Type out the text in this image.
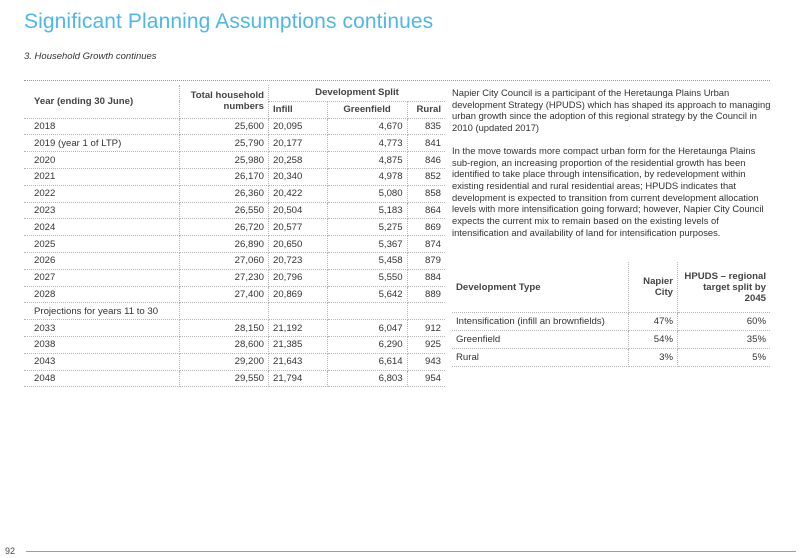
Significant Planning Assumptions continues
3. Household Growth continues
Year (ending 30 June)	Total household numbers	Development Split		
		Infill	Greenfield	Rural
2018	25,600	20,095	4,670	835
2019 (year 1 of LTP)	25,790	20,177	4,773	841
2020	25,980	20,258	4,875	846
2021	26,170	20,340	4,978	852
2022	26,360	20,422	5,080	858
2023	26,550	20,504	5,183	864
2024	26,720	20,577	5,275	869
2025	26,890	20,650	5,367	874
2026	27,060	20,723	5,458	879
2027	27,230	20,796	5,550	884
2028	27,400	20,869	5,642	889
Projections for years 11 to 30				
2033	28,150	21,192	6,047	912
2038	28,600	21,385	6,290	925
2043	29,200	21,643	6,614	943
2048	29,550	21,794	6,803	954

Napier City Council is a participant of the Heretaunga Plains Urban development Strategy (HPUDS) which has shaped its approach to managing urban growth since the adoption of this regional strategy by the Council in 2010 (updated 2017)

In the move towards more compact urban form for the Heretaunga Plains sub-region, an increasing proportion of the residential growth has been identified to take place through intensification, by redevelopment within existing residential and rural residential areas; HPUDS indicates that development is expected to transition from current development allocation levels with more intensification going forward; however, Napier City Council expects the current mix to remain based on the existing levels of intensification and availability of land for intensification purposes.

Development Type	Napier City	HPUDS – regional target split by 2045
Intensification (infill an brownfields)	47%	60%
Greenfield	54%	35%
Rural	3%	5%
92
